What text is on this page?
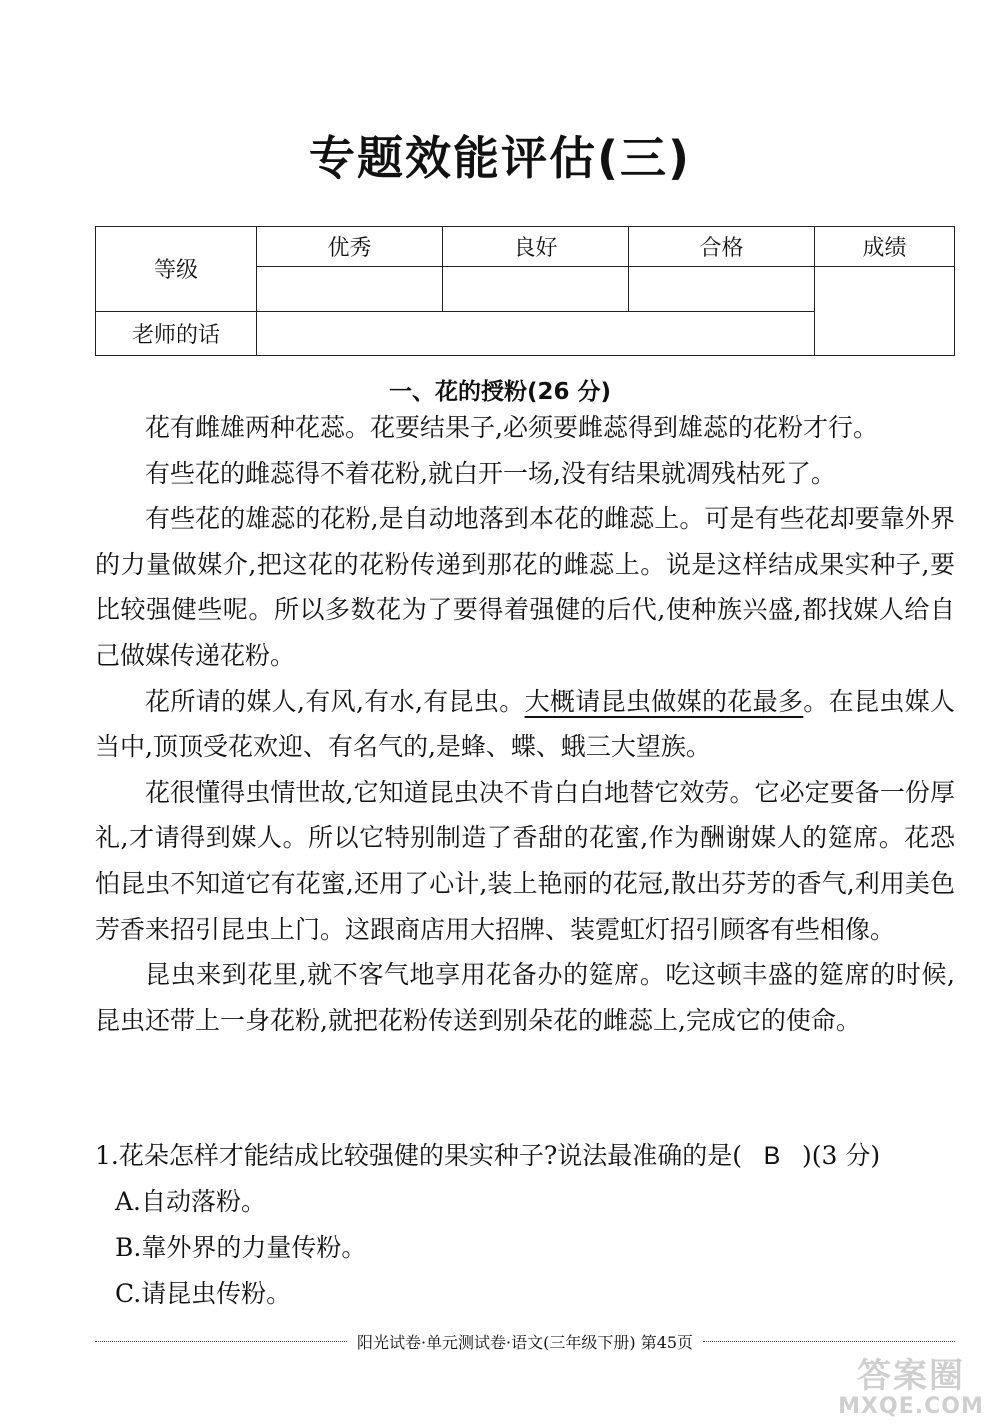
专题效能评估(三)
等级	优秀	良好	合格	成绩

老师的话				
一、花的授粉(26 分)

花有雌雄两种花蕊。花要结果子,必须要雌蕊得到雄蕊的花粉才行。

有些花的雌蕊得不着花粉,就白开一场,没有结果就凋残枯死了。

有些花的雄蕊的花粉,是自动地落到本花的雌蕊上。可是有些花却要靠外界的力量做媒介,把这花的花粉传递到那花的雌蕊上。说是这样结成果实种子,要比较强健些呢。所以多数花为了要得着强健的后代,使种族兴盛,都找媒人给自己做媒传递花粉。

花所请的媒人,有风,有水,有昆虫。大概请昆虫做媒的花最多。在昆虫媒人当中,顶顶受花欢迎、有名气的,是蜂、蝶、蛾三大望族。

花很懂得虫情世故,它知道昆虫决不肯白白地替它效劳。它必定要备一份厚礼,才请得到媒人。所以它特别制造了香甜的花蜜,作为酬谢媒人的筵席。花恐怕昆虫不知道它有花蜜,还用了心计,装上艳丽的花冠,散出芬芳的香气,利用美色芳香来招引昆虫上门。这跟商店用大招牌、装霓虹灯招引顾客有些相像。

昆虫来到花里,就不客气地享用花备办的筵席。吃这顿丰盛的筵席的时候,昆虫还带上一身花粉,就把花粉传送到别朵花的雌蕊上,完成它的使命。

1.花朵怎样才能结成比较强健的果实种子?说法最准确的是( B )(3 分)
A.自动落粉。
B.靠外界的力量传粉。
C.请昆虫传粉。
阳光试卷·单元测试卷·语文(三年级下册) 第45页
答案圈
MXQE.COM
